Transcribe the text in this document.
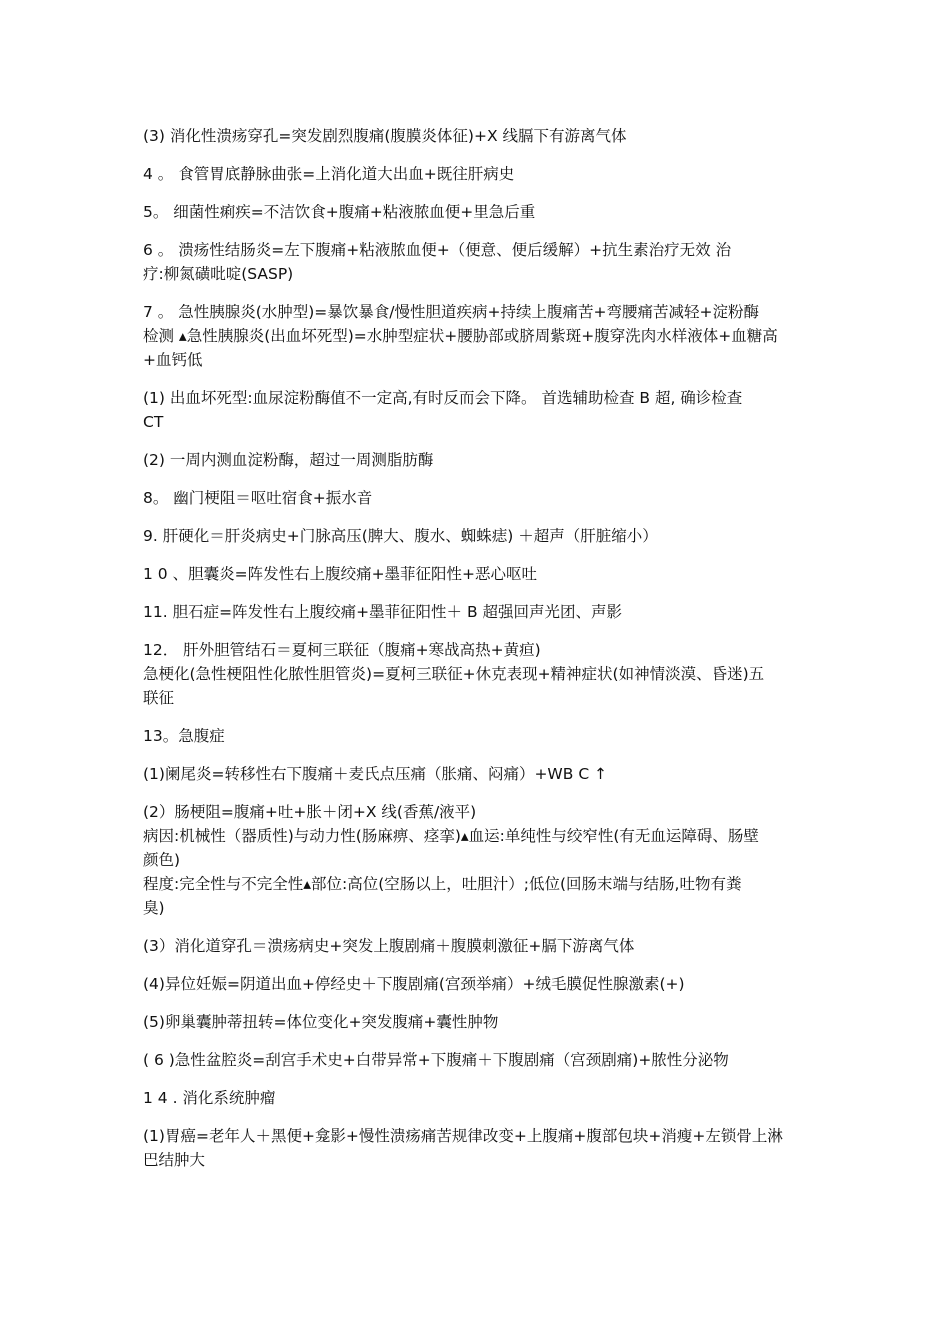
(3) 消化性溃疡穿孔=突发剧烈腹痛(腹膜炎体征)+X 线膈下有游离气体
4 。 食管胃底静脉曲张=上消化道大出血+既往肝病史
5。 细菌性痢疾=不洁饮食+腹痛+粘液脓血便+里急后重
6 。 溃疡性结肠炎=左下腹痛+粘液脓血便+（便意、便后缓解）+抗生素治疗无效 治
疗:柳氮磺吡啶(SASP)
7 。 急性胰腺炎(水肿型)=暴饮暴食/慢性胆道疾病+持续上腹痛苦+弯腰痛苦减轻+淀粉酶
检测 ▴急性胰腺炎(出血坏死型)=水肿型症状+腰胁部或脐周紫斑+腹穿洗肉水样液体+血糖高
+血钙低
(1) 出血坏死型:血尿淀粉酶值不一定高,有时反而会下降。 首选辅助检查 B 超, 确诊检查
CT
(2) 一周内测血淀粉酶，超过一周测脂肪酶
8。 幽门梗阻＝呕吐宿食+振水音
9. 肝硬化＝肝炎病史+门脉高压(脾大、腹水、蜘蛛痣) ＋超声（肝脏缩小）
1 0 、胆囊炎=阵发性右上腹绞痛+墨菲征阳性+恶心呕吐
11. 胆石症=阵发性右上腹绞痛+墨菲征阳性＋ B 超强回声光团、声影
12． 肝外胆管结石＝夏柯三联征（腹痛+寒战高热+黄疸)
急梗化(急性梗阻性化脓性胆管炎)=夏柯三联征+休克表现+精神症状(如神情淡漠、昏迷)五
联征
13。急腹症
(1)阑尾炎=转移性右下腹痛＋麦氏点压痛（胀痛、闷痛）+WB C ↑
(2）肠梗阻=腹痛+吐+胀＋闭+X 线(香蕉/液平)
病因:机械性（器质性)与动力性(肠麻痹、痉挛)▴血运:单纯性与绞窄性(有无血运障碍、肠壁
颜色)
程度:完全性与不完全性▴部位:高位(空肠以上，吐胆汁）;低位(回肠末端与结肠,吐物有粪
臭)
(3）消化道穿孔＝溃疡病史+突发上腹剧痛＋腹膜刺激征+膈下游离气体
(4)异位妊娠=阴道出血+停经史＋下腹剧痛(宫颈举痛）+绒毛膜促性腺激素(+)
(5)卵巢囊肿蒂扭转=体位变化+突发腹痛+囊性肿物
( 6 )急性盆腔炎=刮宫手术史+白带异常+下腹痛＋下腹剧痛（宫颈剧痛)+脓性分泌物
1 4 . 消化系统肿瘤
(1)胃癌=老年人＋黑便+龛影+慢性溃疡痛苦规律改变+上腹痛+腹部包块+消瘦+左锁骨上淋
巴结肿大
